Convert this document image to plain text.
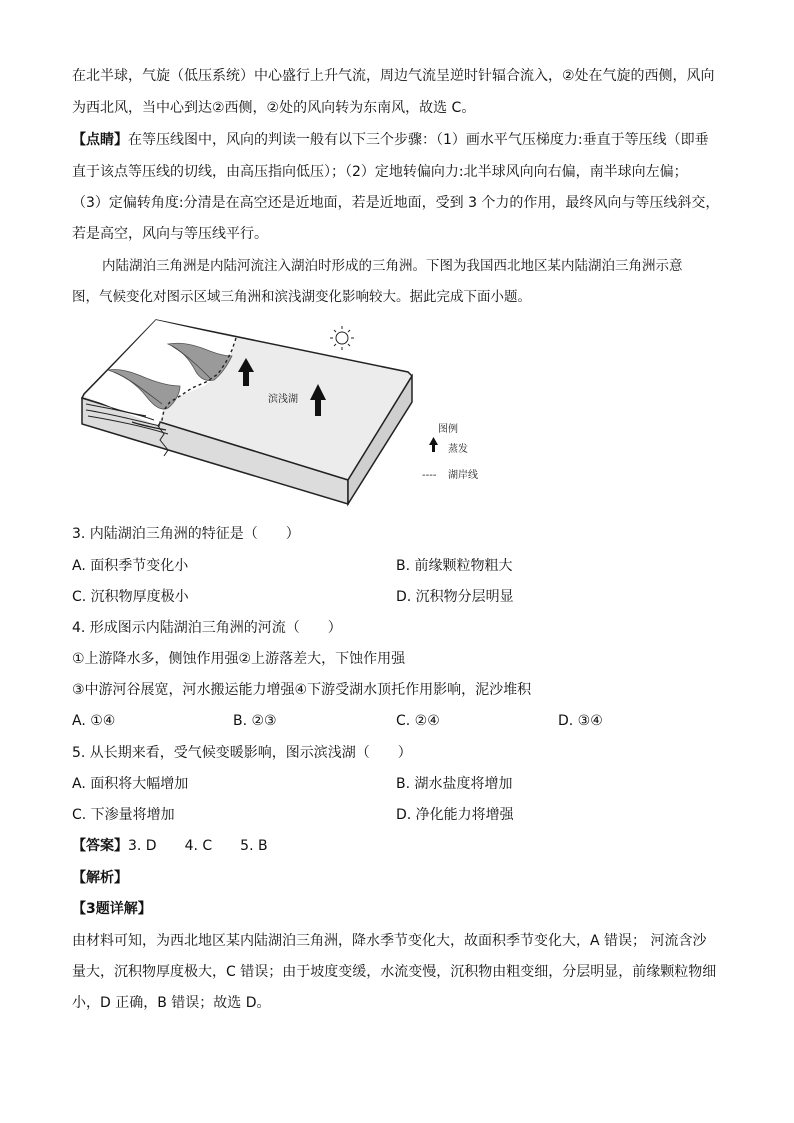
在北半球，气旋（低压系统）中心盛行上升气流，周边气流呈逆时针辐合流入，②处在气旋的西侧，风向
为西北风，当中心到达②西侧，②处的风向转为东南风，故选 C。
【点睛】在等压线图中，风向的判读一般有以下三个步骤：（1）画水平气压梯度力:垂直于等压线（即垂
直于该点等压线的切线，由高压指向低压）；（2）定地转偏向力:北半球风向向右偏，南半球向左偏；
（3）定偏转角度:分清是在高空还是近地面，若是近地面，受到 3 个力的作用，最终风向与等压线斜交，
若是高空，风向与等压线平行。
内陆湖泊三角洲是内陆河流注入湖泊时形成的三角洲。下图为我国西北地区某内陆湖泊三角洲示意
图，气候变化对图示区域三角洲和滨浅湖变化影响较大。据此完成下面小题。
滨浅湖
图例
蒸发
---- 湖岸线
3. 内陆湖泊三角洲的特征是（　　）
A. 面积季节变化小	B. 前缘颗粒物粗大
C. 沉积物厚度极小	D. 沉积物分层明显
4. 形成图示内陆湖泊三角洲的河流（　　）
①上游降水多，侧蚀作用强②上游落差大，下蚀作用强
③中游河谷展宽，河水搬运能力增强④下游受湖水顶托作用影响，泥沙堆积
A. ①④	B. ②③	C. ②④	D. ③④
5. 从长期来看，受气候变暖影响，图示滨浅湖（　　）
A. 面积将大幅增加	B. 湖水盐度将增加
C. 下渗量将增加	D. 净化能力将增强
【答案】3. D　　4. C　　5. B
【解析】
【3题详解】
由材料可知，为西北地区某内陆湖泊三角洲，降水季节变化大，故面积季节变化大，A 错误； 河流含沙
量大，沉积物厚度极大，C 错误；由于坡度变缓，水流变慢，沉积物由粗变细，分层明显，前缘颗粒物细
小，D 正确，B 错误；故选 D。
